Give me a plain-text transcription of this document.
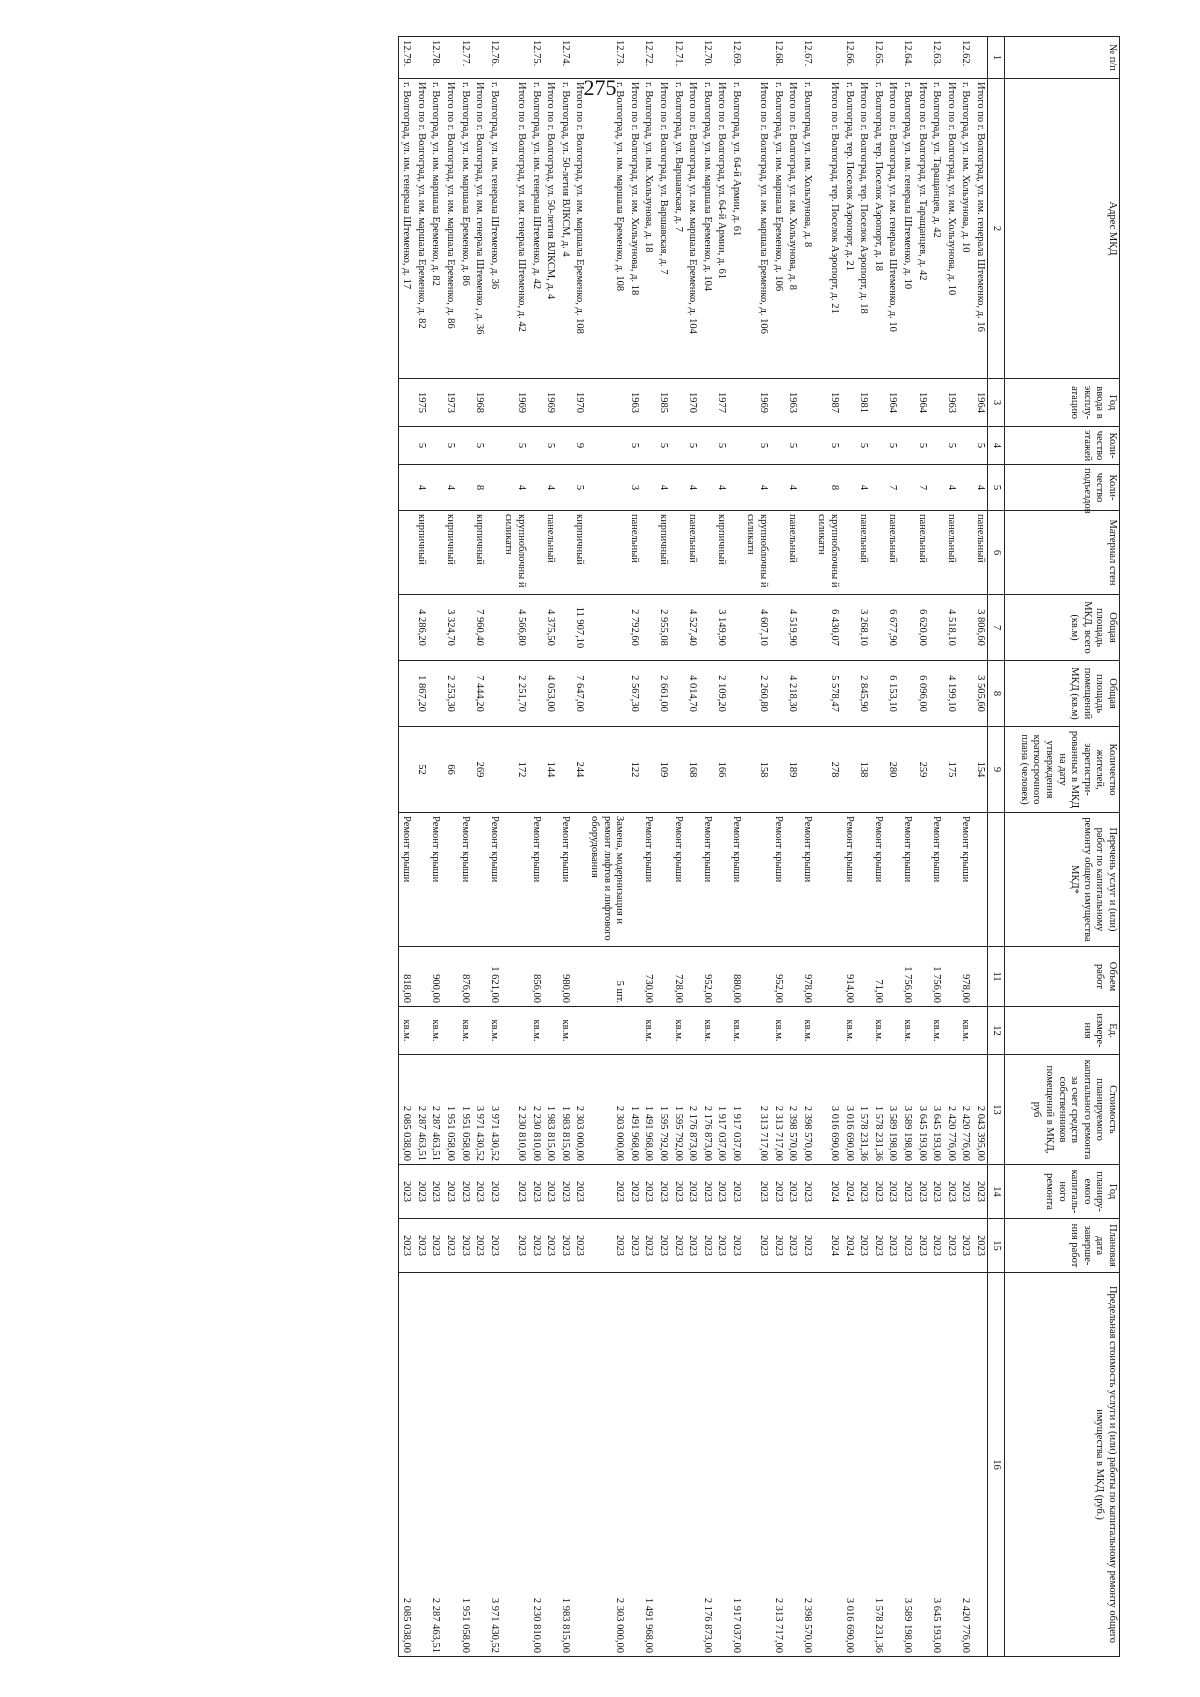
275
№ п/п	Адрес МКД	Год ввода в эксплу-атацию	Коли-чество этажей	Коли-чество подъездов	Материал стен	Общая площадь МКД, всего (кв.м)	Общая площадь помещений МКД (кв.м)	Количество жителей, зарегистри-рованных в МКД на дату утверждения краткосрочного плана (человек)	Перечень услуг и (или) работ по капитальному ремонту общего имущества МКД*	Объем работ	Ед. измере-ния	Стоимость планируемого капитального ремонта за счет средств собственников помещений в МКД, руб	Год планиру-емого капиталь-ного ремонта	Плановая дата заверше-ния работ	Предельная стоимость услуги и (или) работы по капитальному ремонту общего имущества в МКД (руб.)
1	2	3	4	5	6	7	8	9		11	12	13	14	15	16
	Итого по г. Волгоград, ул. им. генерала Штеменко, д. 16	1964	5	4	панельный	3 806,60	3 505,60	154				2 043 395,00	2023	2023	
12.62.	г. Волгоград, ул. им. Хользунова, д. 10								Ремонт крыши	978,00	кв.м.	2 420 776,00	2023	2023	2 420 776,00
	Итого по г. Волгоград, ул. им. Хользунова, д. 10	1963	5	4	панельный	4 518,10	4 199,10	175				2 420 776,00	2023	2023	
12.63.	г. Волгоград, ул. Таращанцев, д. 42								Ремонт крыши	1 756,00	кв.м.	3 645 193,00	2023	2023	3 645 193,00
	Итого по г. Волгоград, ул. Таращанцев, д. 42	1964	5	7	панельный	6 620,00	6 096,00	259				3 645 193,00	2023	2023	
12.64.	г. Волгоград, ул. им. генерала Штеменко, д. 10								Ремонт крыши	1 756,00	кв.м.	3 589 198,00	2023	2023	3 589 198,00
	Итого по г. Волгоград, ул. им. генерала Штеменко, д. 10	1964	5	7	панельный	6 677,90	6 153,10	280				3 589 198,00	2023	2023	
12.65.	г. Волгоград, тер. Поселок Аэропорт, д. 18								Ремонт крыши	71,00	кв.м.	1 578 231,36	2023	2023	1 578 231,36
	Итого по г. Волгоград, тер. Поселок Аэропорт, д. 18	1981	5	4	панельный	3 268,10	2 845,90	138				1 578 231,36	2023	2023	
12.66.	г. Волгоград, тер. Поселок Аэропорт, д. 21								Ремонт крыши	914,00	кв.м.	3 016 690,00	2024	2024	3 016 690,00
	Итого по г. Волгоград, тер. Поселок Аэропорт, д. 21	1987	5	8	крупноблочны й силикатн	6 430,07	5 578,47	278				3 016 690,00	2024	2024	
12.67.	г. Волгоград, ул. им. Хользунова, д. 8								Ремонт крыши	978,00	кв.м.	2 398 570,00	2023	2023	2 398 570,00
	Итого по г. Волгоград, ул. им. Хользунова, д. 8	1963	5	4	панельный	4 519,90	4 218,30	189				2 398 570,00	2023	2023	
12.68.	г. Волгоград, ул. им. маршала Еременко, д. 106								Ремонт крыши	952,00	кв.м.	2 313 717,00	2023	2023	2 313 717,00
	Итого по г. Волгоград, ул. им. маршала Еременко, д. 106	1969	5	4	крупноблочны й силикатн	4 607,10	2 260,80	158				2 313 717,00	2023	2023	
12.69.	г. Волгоград, ул. 64-й Армии, д. 61								Ремонт крыши	880,00	кв.м.	1 917 037,00	2023	2023	1 917 037,00
	Итого по г. Волгоград, ул. 64-й Армии, д. 61	1977	5	4	кирпичный	3 149,90	2 109,20	166				1 917 037,00	2023	2023	
12.70.	г. Волгоград, ул. им. маршала Еременко, д. 104								Ремонт крыши	952,00	кв.м.	2 176 873,00	2023	2023	2 176 873,00
	Итого по г. Волгоград, ул. им. маршала Еременко, д. 104	1970	5	4	панельный	4 527,40	4 014,70	168				2 176 873,00	2023	2023	
12.71.	г. Волгоград, ул. Варшавская, д. 7								Ремонт крыши	728,00	кв.м.	1 595 792,00	2023	2023	
	Итого по г. Волгоград, ул. Варшавская, д. 7	1985	5	4	кирпичный	2 955,08	2 661,00	109				1 595 792,00	2023	2023	
12.72.	г. Волгоград, ул. им. Хользунова, д. 18								Ремонт крыши	730,00	кв.м.	1 491 968,00	2023	2023	1 491 968,00
	Итого по г. Волгоград, ул. им. Хользунова, д. 18	1963	5	3	панельный	2 792,60	2 567,30	122				1 491 968,00	2023	2023	
12.73.	г. Волгоград, ул. им. маршала Еременко, д. 108								Замена, модернизация и ремонт лифтов и лифтового оборудования	5 шт.		2 303 000,00	2023	2023	2 303 000,00
	Итого по г. Волгоград, ул. им. маршала Еременко, д. 108	1970	9	5	кирпичный	11 907,10	7 647,00	244				2 303 000,00	2023	2023	
12.74.	г. Волгоград, ул. 50-летия ВЛКСМ, д. 4								Ремонт крыши	980,00	кв.м.	1 983 815,00	2023	2023	1 983 815,00
	Итого по г. Волгоград, ул. 50-летия ВЛКСМ, д. 4	1969	5	4	панельный	4 375,50	4 053,00	144				1 983 815,00	2023	2023	
12.75.	г. Волгоград, ул. им. генерала Штеменко, д. 42								Ремонт крыши	856,00	кв.м.	2 230 810,00	2023	2023	2 230 810,00
	Итого по г. Волгоград, ул. им. генерала Штеменко, д. 42	1969	5	4	крупноблочны й силикатн	4 566,80	2 251,70	172				2 230 810,00	2023	2023	
12.76.	г. Волгоград, ул. им. генерала Штеменко, д. 36								Ремонт крыши	1 621,00	кв.м.	3 971 430,52	2023	2023	3 971 430,52
	Итого по г. Волгоград, ул. им. генерала Штеменко , д. 36	1968	5	8	кирпичный	7 960,40	7 444,20	269				3 971 430,52	2023	2023	
12.77.	г. Волгоград, ул. им. маршала Еременко, д. 86								Ремонт крыши	876,00	кв.м.	1 951 058,00	2023	2023	1 951 058,00
	Итого по г. Волгоград, ул. им. маршала Еременко, д. 86	1973	5	4	кирпичный	3 324,70	2 253,30	66				1 951 058,00	2023	2023	
12.78.	г. Волгоград, ул. им. маршала Еременко, д. 82								Ремонт крыши	900,00	кв.м.	2 287 463,51	2023	2023	2 287 463,51
	Итого по г. Волгоград, ул. им. маршала Еременко, д. 82	1975	5	4	кирпичный	4 286,20	1 867,20	52				2 287 463,51	2023	2023	
12.79.	г. Волгоград, ул. им. генерала Штеменко, д. 17								Ремонт крыши	818,00	кв.м.	2 085 038,00	2023	2023	2 085 038,00
